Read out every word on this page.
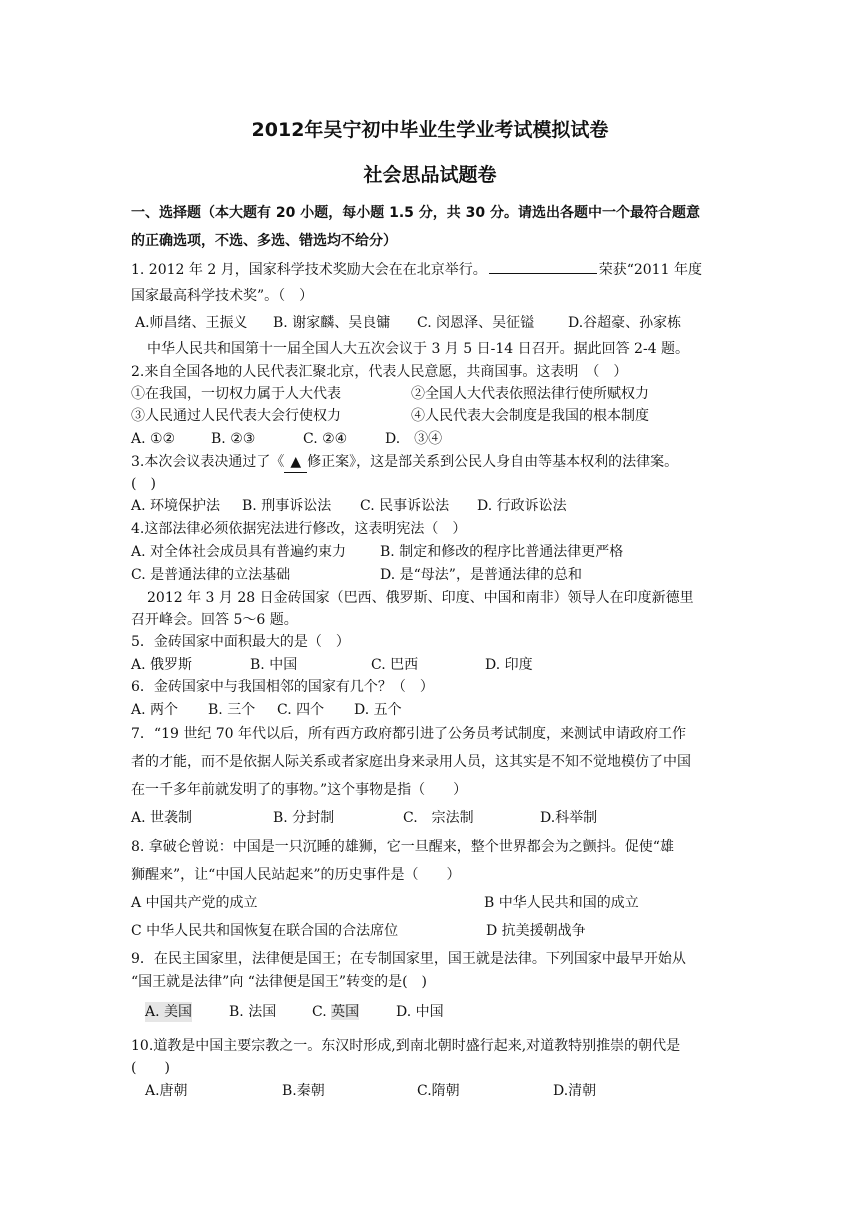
2012年吴宁初中毕业生学业考试模拟试卷
社会思品试题卷
一、选择题（本大题有 20 小题，每小题 1.5 分，共 30 分。请选出各题中一个最符合题意
的正确选项，不选、多选、错选均不给分）
1. 2012 年 2 月，国家科学技术奖励大会在在北京举行。	荣获“2011 年度
国家最高科学技术奖”。（　）
A.师昌绪、王振义 B. 谢家麟、吴良镛 C. 闵恩泽、吴征镒 D.谷超豪、孙家栋
中华人民共和国第十一届全国人大五次会议于 3 月 5 日-14 日召开。据此回答 2-4 题。
2.来自全国各地的人民代表汇聚北京，代表人民意愿，共商国事。这表明　（　）
①在我国，一切权力属于人大代表	②全国人大代表依照法律行使所赋权力
③人民通过人民代表大会行使权力	④人民代表大会制度是我国的根本制度
A. ①②	B. ②③	C. ②④	D.　③④
3.本次会议表决通过了《 ▲ 修正案》，这是部关系到公民人身自由等基本权利的法律案。
(　)
A. 环境保护法 B. 刑事诉讼法 C. 民事诉讼法 D. 行政诉讼法
4.这部法律必须依据宪法进行修改，这表明宪法（　）
A. 对全体社会成员具有普遍约束力 B. 制定和修改的程序比普通法律更严格
C. 是普通法律的立法基础	D. 是“母法”，是普通法律的总和
2012 年 3 月 28 日金砖国家（巴西、俄罗斯、印度、中国和南非）领导人在印度新德里
召开峰会。回答 5～6 题。
5．金砖国家中面积最大的是（　）
A. 俄罗斯	B. 中国	C. 巴西	D. 印度
6．金砖国家中与我国相邻的国家有几个？（　）
A. 两个 B. 三个 C. 四个 D. 五个
7．“19 世纪 70 年代以后，所有西方政府都引进了公务员考试制度，来测试申请政府工作
者的才能，而不是依据人际关系或者家庭出身来录用人员，这其实是不知不觉地模仿了中国
在一千多年前就发明了的事物。”这个事物是指（　　）
A. 世袭制	B. 分封制	C.　宗法制	D.科举制
8. 拿破仑曾说：中国是一只沉睡的雄狮，它一旦醒来，整个世界都会为之颤抖。促使“雄
狮醒来”，让“中国人民站起来”的历史事件是（　　）
A 中国共产党的成立	B 中华人民共和国的成立
C 中华人民共和国恢复在联合国的合法席位	D 抗美援朝战争
9．在民主国家里，法律便是国王；在专制国家里，国王就是法律。下列国家中最早开始从
“国王就是法律”向 “法律便是国王”转变的是(　)
A. 美国	B. 法国	C. 英国	D. 中国
10.道教是中国主要宗教之一。东汉时形成,到南北朝时盛行起来,对道教特别推崇的朝代是
(　　)
A.唐朝	B.秦朝	C.隋朝	D.清朝
